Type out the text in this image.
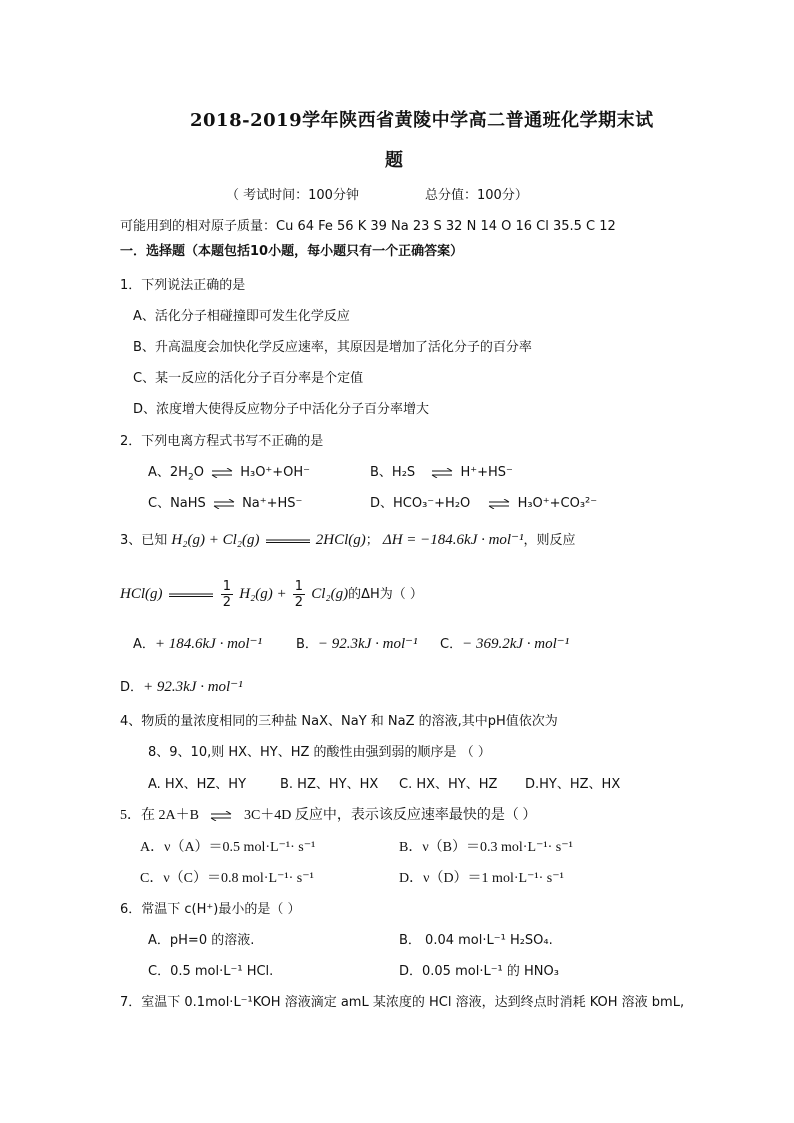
2018-2019学年陕西省黄陵中学高二普通班化学期末试
题
（ 考试时间：100分钟	总分值：100分）
可能用到的相对原子质量：Cu 64 Fe 56 K 39 Na 23 S 32 N 14 O 16 Cl 35.5 C 12
一．选择题（本题包括10小题，每小题只有一个正确答案）
1．下列说法正确的是
A、活化分子相碰撞即可发生化学反应
B、升高温度会加快化学反应速率，其原因是增加了活化分子的百分率
C、某一反应的活化分子百分率是个定值
D、浓度增大使得反应物分子中活化分子百分率增大
2．下列电离方程式书写不正确的是
A、$2H_2O$	H₃O⁺+OH⁻	B、H₂S	H⁺+HS⁻
C、NaHS	Na⁺+HS⁻	D、HCO₃⁻+H₂O	H₃O⁺+CO₃²⁻
3、已知 H₂(g) + Cl₂(g)	2HCl(g)； ΔH = −184.6kJ · mol⁻¹，则反应
HCl(g)	$\frac{1}{2} H_2(g) + \frac{1}{2} Cl_2(g)$的ΔH为（ ）
A．+ 184.6kJ · mol⁻¹	B．− 92.3kJ · mol⁻¹ C．− 369.2kJ · mol⁻¹
D．+ 92.3kJ · mol⁻¹
4、物质的量浓度相同的三种盐 NaX、NaY 和 NaZ 的溶液,其中pH值依次为
8、9、10,则 HX、HY、HZ 的酸性由强到弱的顺序是 （ ）
A. HX、HZ、HY	B. HZ、HY、HX C. HX、HY、HZ D.HY、HZ、HX
5．在 2A＋B	3C＋4D 反应中，表示该反应速率最快的是（ ）
A．ν（A）＝0.5 mol·L⁻¹· s⁻¹	B．ν（B）＝0.3 mol·L⁻¹· s⁻¹
C．ν（C）＝0.8 mol·L⁻¹· s⁻¹	D．ν（D）＝1 mol·L⁻¹· s⁻¹
6．常温下 c(H⁺)最小的是（ ）
A．pH=0 的溶液.	B． 0.04 mol·L⁻¹ H₂SO₄.
C．0.5 mol·L⁻¹ HCl.	D．0.05 mol·L⁻¹ 的 HNO₃
7．室温下 0.1mol·L⁻¹KOH 溶液滴定 amL 某浓度的 HCl 溶液，达到终点时消耗 KOH 溶液 bmL,
